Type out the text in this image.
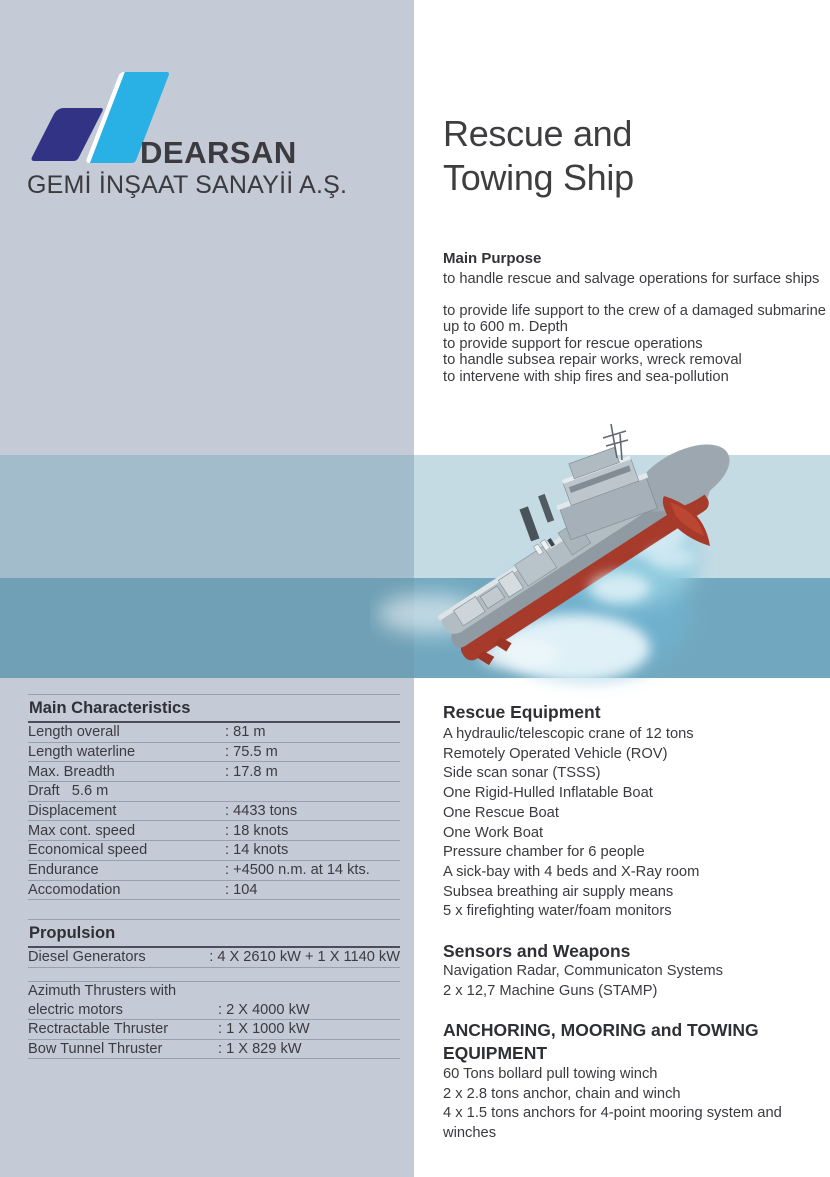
DEARSAN
GEMİ İNŞAAT SANAYİİ A.Ş.
Rescue and
Towing Ship
Main Purpose
to handle rescue and salvage operations for surface ships
to provide life support to the crew of a damaged submarine
up to 600 m. Depth
to provide support for rescue operations
to handle subsea repair works, wreck removal
to intervene with ship fires and sea-pollution
Main Characteristics
Length overall	: 81 m
Length waterline	: 75.5 m
Max. Breadth	: 17.8 m
Draft   5.6 m
Displacement	: 4433 tons
Max cont. speed	: 18 knots
Economical speed	: 14 knots
Endurance	: +4500 n.m. at 14 kts.
Accomodation	: 104
Propulsion
Diesel Generators	: 4 X 2610 kW + 1 X 1140 kW
Azimuth Thrusters with
electric motors	: 2 X 4000 kW
Rectractable Thruster	: 1 X 1000 kW
Bow Tunnel Thruster	: 1 X 829 kW
Rescue Equipment
A hydraulic/telescopic crane of 12 tons
Remotely Operated Vehicle (ROV)
Side scan sonar (TSSS)
One Rigid-Hulled Inflatable Boat
One Rescue Boat
One Work Boat
Pressure chamber for 6 people
A sick-bay with 4 beds and X-Ray room
Subsea breathing air supply means
5 x firefighting water/foam monitors
Sensors and Weapons
Navigation Radar, Communicaton Systems
2 x 12,7 Machine Guns (STAMP)
ANCHORING, MOORING and TOWING EQUIPMENT
60 Tons bollard pull towing winch
2 x 2.8 tons anchor, chain and winch
4 x 1.5 tons anchors for 4-point mooring system and winches
